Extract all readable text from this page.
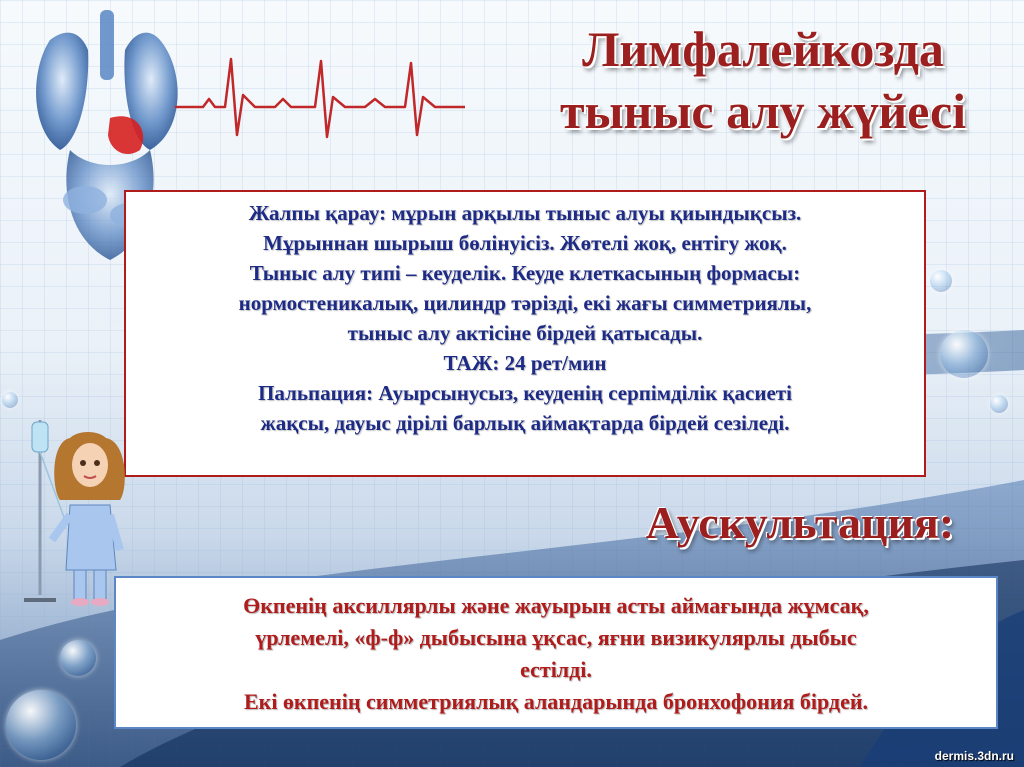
Лимфалейкозда
тыныс алу жүйесі

Жалпы қарау: мұрын арқылы тыныс алуы қиындықсыз.

Мұрыннан шырыш бөлінуісіз. Жөтелі жоқ, ентігу жоқ.

Тыныс алу типі – кеуделік. Кеуде клеткасының формасы:

нормостеникалық, цилиндр тәрізді, екі жағы симметриялы,

тыныс алу актісіне бірдей қатысады.

ТАЖ: 24 рет/мин

Пальпация: Ауырсынусыз, кеуденің серпімділік қасиеті

жақсы, дауыс дірілі барлық аймақтарда бірдей сезіледі.

Аускультация:

Өкпенің аксиллярлы және жауырын асты аймағында жұмсақ,

үрлемелі, «ф-ф» дыбысына ұқсас, яғни визикулярлы дыбыс

естілді.

Екі өкпенің симметриялық аландарында бронхофония бірдей.

dermis.3dn.ru
